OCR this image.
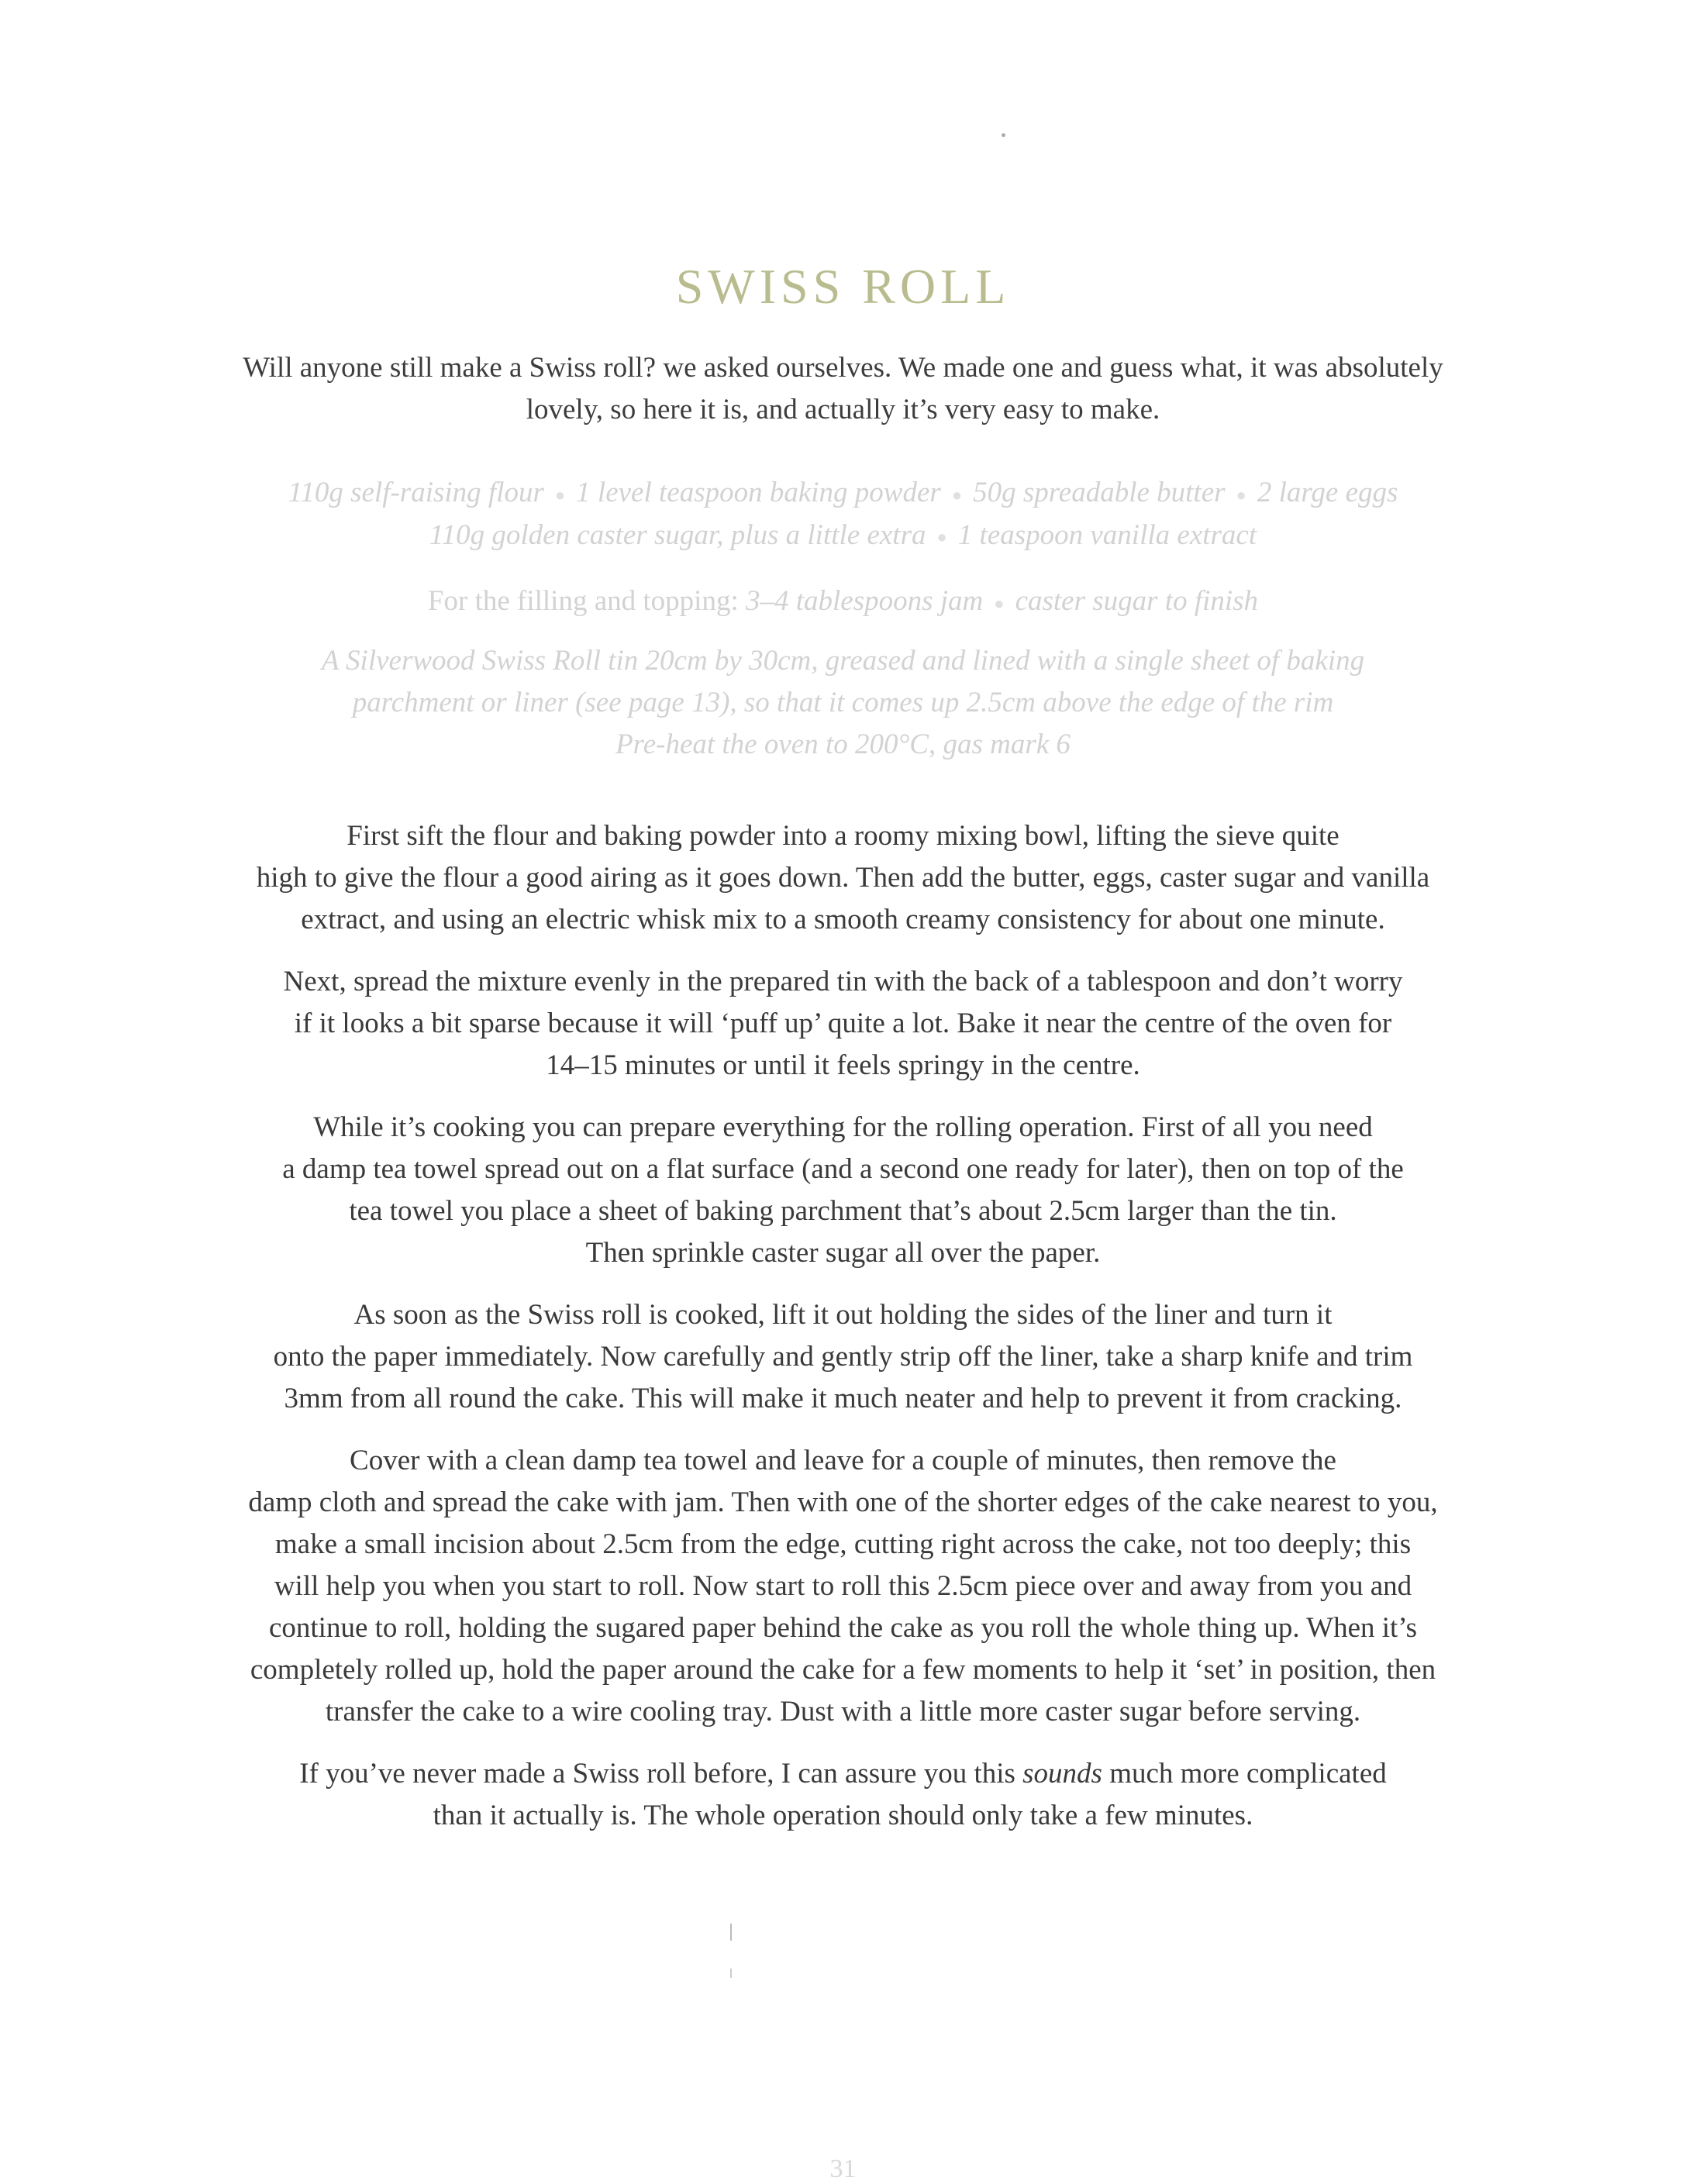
SWISS ROLL
Will anyone still make a Swiss roll? we asked ourselves. We made one and guess what, it was absolutely
lovely, so here it is, and actually it’s very easy to make.
110g self-raising flour ● 1 level teaspoon baking powder ● 50g spreadable butter ● 2 large eggs
110g golden caster sugar, plus a little extra ● 1 teaspoon vanilla extract
For the filling and topping: 3–4 tablespoons jam ● caster sugar to finish
A Silverwood Swiss Roll tin 20cm by 30cm, greased and lined with a single sheet of baking
parchment or liner (see page 13), so that it comes up 2.5cm above the edge of the rim
Pre-heat the oven to 200°C, gas mark 6

First sift the flour and baking powder into a roomy mixing bowl, lifting the sieve quite
high to give the flour a good airing as it goes down. Then add the butter, eggs, caster sugar and vanilla
extract, and using an electric whisk mix to a smooth creamy consistency for about one minute.

Next, spread the mixture evenly in the prepared tin with the back of a tablespoon and don’t worry
if it looks a bit sparse because it will ‘puff up’ quite a lot. Bake it near the centre of the oven for
14–15 minutes or until it feels springy in the centre.

While it’s cooking you can prepare everything for the rolling operation. First of all you need
a damp tea towel spread out on a flat surface (and a second one ready for later), then on top of the
tea towel you place a sheet of baking parchment that’s about 2.5cm larger than the tin.
Then sprinkle caster sugar all over the paper.

As soon as the Swiss roll is cooked, lift it out holding the sides of the liner and turn it
onto the paper immediately. Now carefully and gently strip off the liner, take a sharp knife and trim
3mm from all round the cake. This will make it much neater and help to prevent it from cracking.

Cover with a clean damp tea towel and leave for a couple of minutes, then remove the
damp cloth and spread the cake with jam. Then with one of the shorter edges of the cake nearest to you,
make a small incision about 2.5cm from the edge, cutting right across the cake, not too deeply; this
will help you when you start to roll. Now start to roll this 2.5cm piece over and away from you and
continue to roll, holding the sugared paper behind the cake as you roll the whole thing up. When it’s
completely rolled up, hold the paper around the cake for a few moments to help it ‘set’ in position, then
transfer the cake to a wire cooling tray. Dust with a little more caster sugar before serving.

If you’ve never made a Swiss roll before, I can assure you this sounds much more complicated
than it actually is. The whole operation should only take a few minutes.

31
